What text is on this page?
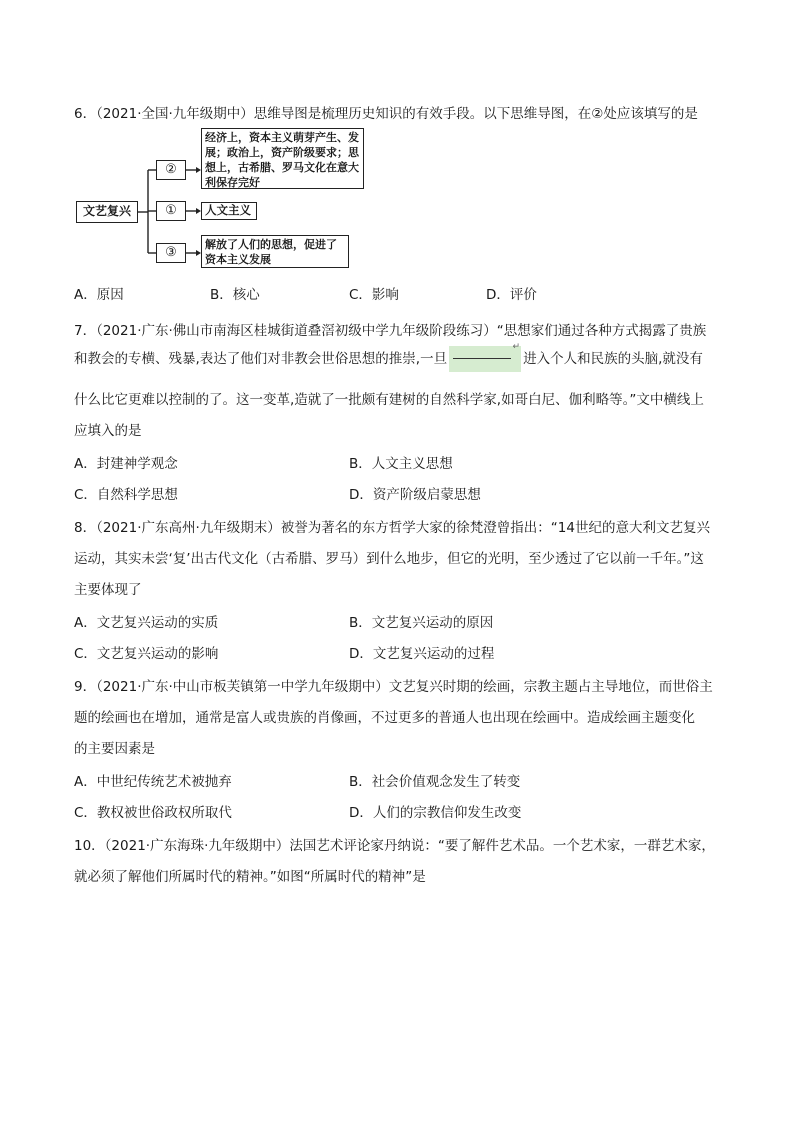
6．（2021·全国·九年级期中）思维导图是梳理历史知识的有效手段。以下思维导图，在②处应该填写的是
文艺复兴
②
①
③
经济上，资本主义萌芽产生、发展；政治上，资产阶级要求；思想上，古希腊、罗马文化在意大利保存完好
人文主义
解放了人们的思想，促进了资本主义发展
A．原因	B．核心	C．影响	D．评价
7．（2021·广东·佛山市南海区桂城街道叠滘初级中学九年级阶段练习）“思想家们通过各种方式揭露了贵族
和教会的专横、残暴,表达了他们对非教会世俗思想的推崇,一旦
↵
进入个人和民族的头脑,就没有
什么比它更难以控制的了。这一变革,造就了一批颇有建树的自然科学家,如哥白尼、伽利略等。”文中横线上
应填入的是
A．封建神学观念	B．人文主义思想
C．自然科学思想	D．资产阶级启蒙思想
8．（2021·广东高州·九年级期末）被誉为著名的东方哲学大家的徐梵澄曾指出：“14世纪的意大利文艺复兴
运动，其实未尝‘复’出古代文化（古希腊、罗马）到什么地步，但它的光明，至少透过了它以前一千年。”这
主要体现了
A．文艺复兴运动的实质	B．文艺复兴运动的原因
C．文艺复兴运动的影响	D．文艺复兴运动的过程
9．（2021·广东·中山市板芙镇第一中学九年级期中）文艺复兴时期的绘画，宗教主题占主导地位，而世俗主
题的绘画也在增加，通常是富人或贵族的肖像画，不过更多的普通人也出现在绘画中。造成绘画主题变化
的主要因素是
A．中世纪传统艺术被抛弃	B．社会价值观念发生了转变
C．教权被世俗政权所取代	D．人们的宗教信仰发生改变
10．（2021·广东海珠·九年级期中）法国艺术评论家丹纳说：“要了解件艺术品。一个艺术家，一群艺术家，
就必须了解他们所属时代的精神。”如图“所属时代的精神”是
